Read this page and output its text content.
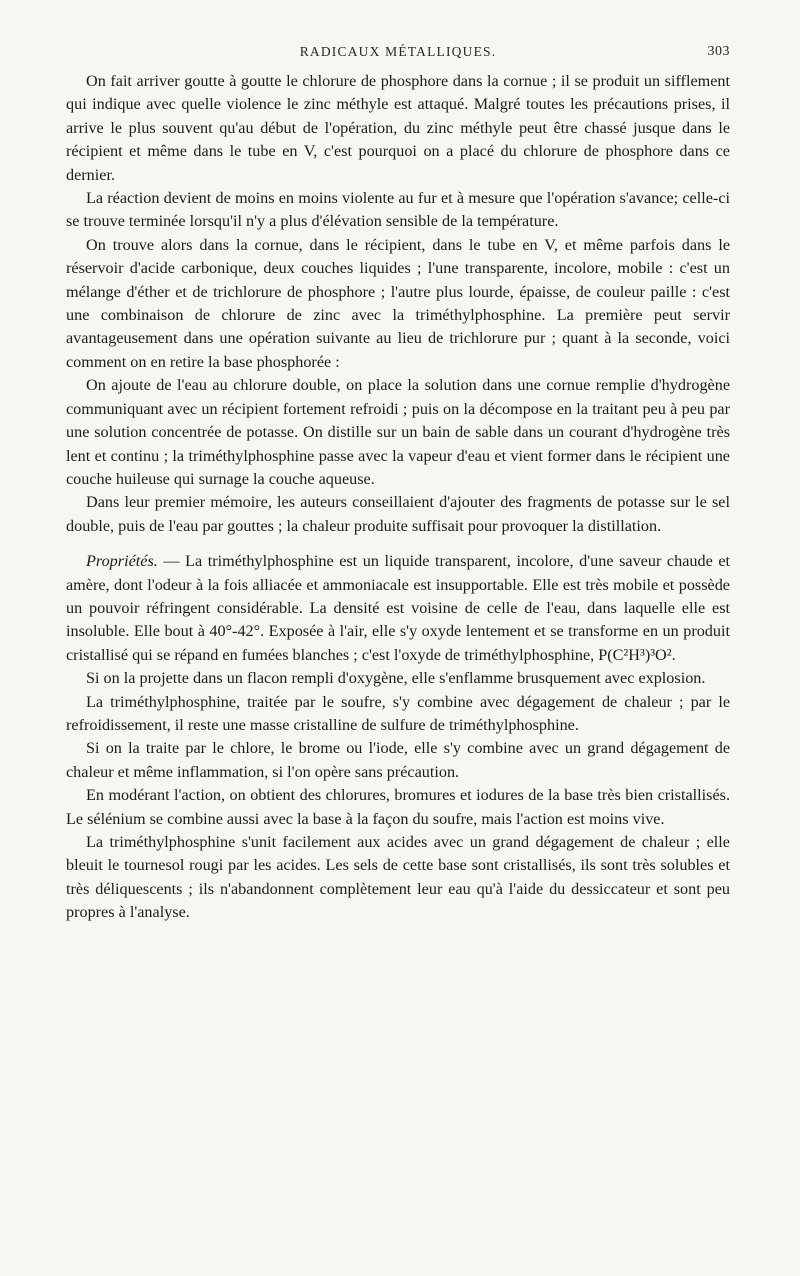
RADICAUX MÉTALLIQUES.	303

On fait arriver goutte à goutte le chlorure de phosphore dans la cornue ; il se produit un sifflement qui indique avec quelle violence le zinc méthyle est attaqué. Malgré toutes les précautions prises, il arrive le plus souvent qu'au début de l'opération, du zinc méthyle peut être chassé jusque dans le récipient et même dans le tube en V, c'est pourquoi on a placé du chlorure de phosphore dans ce dernier.

La réaction devient de moins en moins violente au fur et à mesure que l'opération s'avance; celle-ci se trouve terminée lorsqu'il n'y a plus d'élévation sensible de la température.

On trouve alors dans la cornue, dans le récipient, dans le tube en V, et même parfois dans le réservoir d'acide carbonique, deux couches liquides ; l'une transparente, incolore, mobile : c'est un mélange d'éther et de trichlorure de phosphore ; l'autre plus lourde, épaisse, de couleur paille : c'est une combinaison de chlorure de zinc avec la triméthylphosphine. La première peut servir avantageusement dans une opération suivante au lieu de trichlorure pur ; quant à la seconde, voici comment on en retire la base phosphorée :

On ajoute de l'eau au chlorure double, on place la solution dans une cornue remplie d'hydrogène communiquant avec un récipient fortement refroidi ; puis on la décompose en la traitant peu à peu par une solution concentrée de potasse. On distille sur un bain de sable dans un courant d'hydrogène très lent et continu ; la triméthylphosphine passe avec la vapeur d'eau et vient former dans le récipient une couche huileuse qui surnage la couche aqueuse.

Dans leur premier mémoire, les auteurs conseillaient d'ajouter des fragments de potasse sur le sel double, puis de l'eau par gouttes ; la chaleur produite suffisait pour provoquer la distillation.

Propriétés. — La triméthylphosphine est un liquide transparent, incolore, d'une saveur chaude et amère, dont l'odeur à la fois alliacée et ammoniacale est insupportable. Elle est très mobile et possède un pouvoir réfringent considérable. La densité est voisine de celle de l'eau, dans laquelle elle est insoluble. Elle bout à 40°-42°. Exposée à l'air, elle s'y oxyde lentement et se transforme en un produit cristallisé qui se répand en fumées blanches ; c'est l'oxyde de triméthylphosphine, P(C²H³)³O².

Si on la projette dans un flacon rempli d'oxygène, elle s'enflamme brusquement avec explosion.

La triméthylphosphine, traitée par le soufre, s'y combine avec dégagement de chaleur ; par le refroidissement, il reste une masse cristalline de sulfure de triméthylphosphine.

Si on la traite par le chlore, le brome ou l'iode, elle s'y combine avec un grand dégagement de chaleur et même inflammation, si l'on opère sans précaution.

En modérant l'action, on obtient des chlorures, bromures et iodures de la base très bien cristallisés. Le sélénium se combine aussi avec la base à la façon du soufre, mais l'action est moins vive.

La triméthylphosphine s'unit facilement aux acides avec un grand dégagement de chaleur ; elle bleuit le tournesol rougi par les acides. Les sels de cette base sont cristallisés, ils sont très solubles et très déliquescents ; ils n'abandonnent complètement leur eau qu'à l'aide du dessiccateur et sont peu propres à l'analyse.
